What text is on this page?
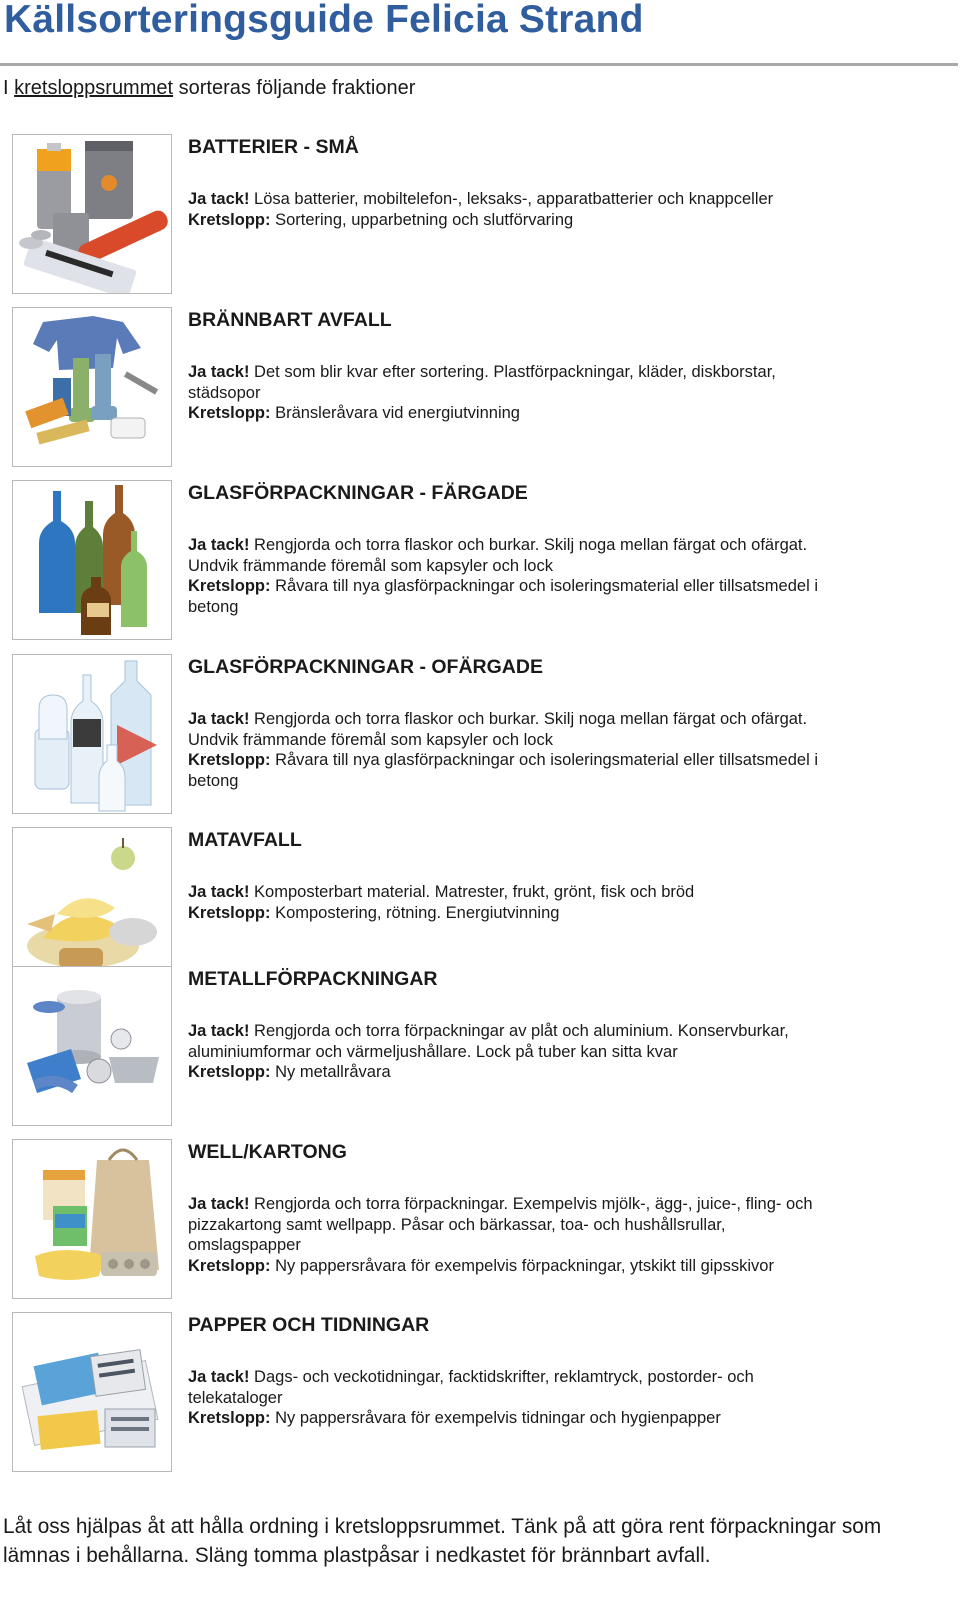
Källsorteringsguide Felicia Strand
I kretsloppsrummet sorteras följande fraktioner
BATTERIER - SMÅ
Ja tack! Lösa batterier, mobiltelefon-, leksaks-, apparatbatterier och knappceller
Kretslopp: Sortering, upparbetning och slutförvaring
BRÄNNBART AVFALL
Ja tack! Det som blir kvar efter sortering. Plastförpackningar, kläder, diskborstar, städsopor
Kretslopp: Bränsleråvara vid energiutvinning
GLASFÖRPACKNINGAR - FÄRGADE
Ja tack! Rengjorda och torra flaskor och burkar. Skilj noga mellan färgat och ofärgat.
Undvik främmande föremål som kapsyler och lock
Kretslopp: Råvara till nya glasförpackningar och isoleringsmaterial eller tillsatsmedel i betong
GLASFÖRPACKNINGAR - OFÄRGADE
Ja tack! Rengjorda och torra flaskor och burkar. Skilj noga mellan färgat och ofärgat.
Undvik främmande föremål som kapsyler och lock
Kretslopp: Råvara till nya glasförpackningar och isoleringsmaterial eller tillsatsmedel i betong
MATAVFALL
Ja tack! Komposterbart material. Matrester, frukt, grönt, fisk och bröd
Kretslopp: Kompostering, rötning. Energiutvinning
METALLFÖRPACKNINGAR
Ja tack! Rengjorda och torra förpackningar av plåt och aluminium. Konservburkar, aluminiumformar och värmeljushållare. Lock på tuber kan sitta kvar
Kretslopp: Ny metallråvara
WELL/KARTONG
Ja tack! Rengjorda och torra förpackningar. Exempelvis mjölk-, ägg-, juice-, fling- och pizzakartong samt wellpapp. Påsar och bärkassar, toa- och hushållsrullar, omslagspapper
Kretslopp: Ny pappersråvara för exempelvis förpackningar, ytskikt till gipsskivor
PAPPER OCH TIDNINGAR
Ja tack! Dags- och veckotidningar, facktidskrifter, reklamtryck, postorder- och telekataloger
Kretslopp: Ny pappersråvara för exempelvis tidningar och hygienpapper
Låt oss hjälpas åt att hålla ordning i kretsloppsrummet. Tänk på att göra rent förpackningar som lämnas i behållarna. Släng tomma plastpåsar i nedkastet för brännbart avfall.
